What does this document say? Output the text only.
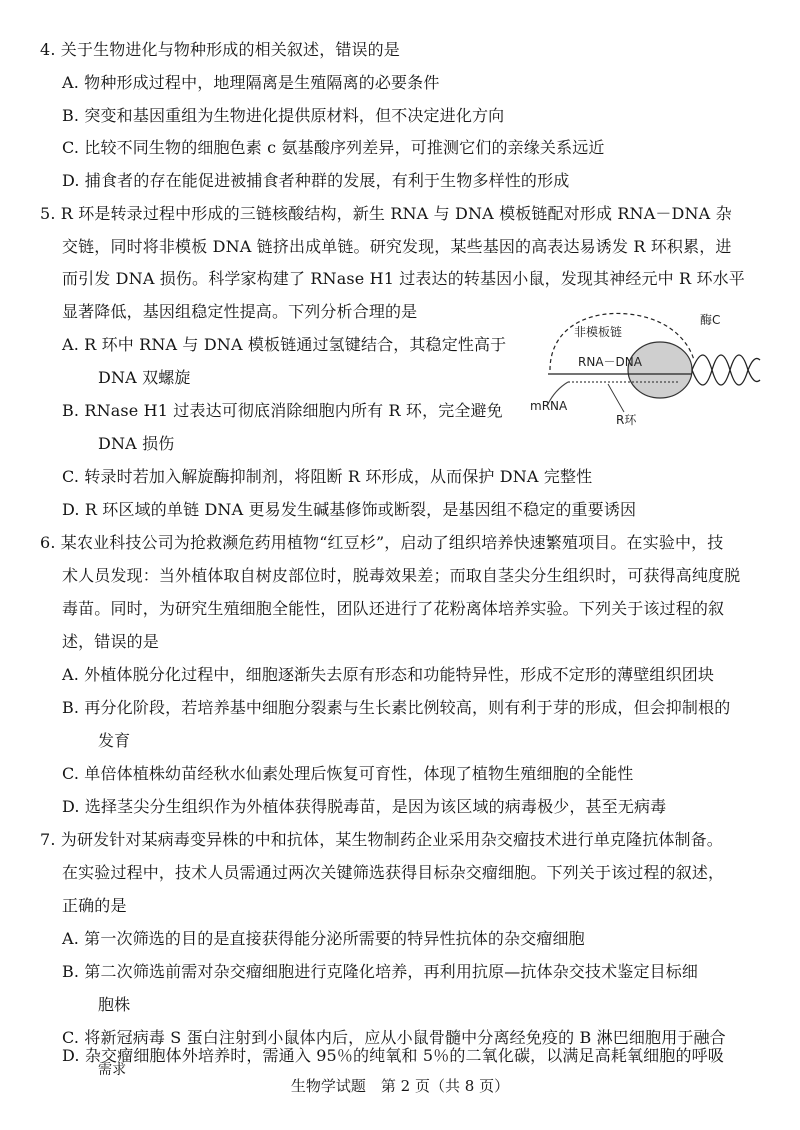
4. 关于生物进化与物种形成的相关叙述，错误的是
A. 物种形成过程中，地理隔离是生殖隔离的必要条件
B. 突变和基因重组为生物进化提供原材料，但不决定进化方向
C. 比较不同生物的细胞色素 c 氨基酸序列差异，可推测它们的亲缘关系远近
D. 捕食者的存在能促进被捕食者种群的发展，有利于生物多样性的形成
5. R 环是转录过程中形成的三链核酸结构，新生 RNA 与 DNA 模板链配对形成 RNA－DNA 杂
交链，同时将非模板 DNA 链挤出成单链。研究发现，某些基因的高表达易诱发 R 环积累，进
而引发 DNA 损伤。科学家构建了 RNase H1 过表达的转基因小鼠，发现其神经元中 R 环水平
显著降低，基因组稳定性提高。下列分析合理的是
A. R 环中 RNA 与 DNA 模板链通过氢键结合，其稳定性高于
DNA 双螺旋
B. RNase H1 过表达可彻底消除细胞内所有 R 环，完全避免
DNA 损伤
C. 转录时若加入解旋酶抑制剂，将阻断 R 环形成，从而保护 DNA 完整性
D. R 环区域的单链 DNA 更易发生碱基修饰或断裂，是基因组不稳定的重要诱因
非模板链
酶C
RNA－DNA
mRNA
R环
6. 某农业科技公司为抢救濒危药用植物“红豆杉”，启动了组织培养快速繁殖项目。在实验中，技
术人员发现：当外植体取自树皮部位时，脱毒效果差；而取自茎尖分生组织时，可获得高纯度脱
毒苗。同时，为研究生殖细胞全能性，团队还进行了花粉离体培养实验。下列关于该过程的叙
述，错误的是
A. 外植体脱分化过程中，细胞逐渐失去原有形态和功能特异性，形成不定形的薄壁组织团块
B. 再分化阶段，若培养基中细胞分裂素与生长素比例较高，则有利于芽的形成，但会抑制根的
发育
C. 单倍体植株幼苗经秋水仙素处理后恢复可育性，体现了植物生殖细胞的全能性
D. 选择茎尖分生组织作为外植体获得脱毒苗，是因为该区域的病毒极少，甚至无病毒
7. 为研发针对某病毒变异株的中和抗体，某生物制药企业采用杂交瘤技术进行单克隆抗体制备。
在实验过程中，技术人员需通过两次关键筛选获得目标杂交瘤细胞。下列关于该过程的叙述，
正确的是
A. 第一次筛选的目的是直接获得能分泌所需要的特异性抗体的杂交瘤细胞
B. 第二次筛选前需对杂交瘤细胞进行克隆化培养，再利用抗原—抗体杂交技术鉴定目标细
胞株
C. 将新冠病毒 S 蛋白注射到小鼠体内后，应从小鼠骨髓中分离经免疫的 B 淋巴细胞用于融合
生物学试题　第 2 页（共 8 页）
D. 杂交瘤细胞体外培养时，需通入 95％的纯氧和 5％的二氧化碳，以满足高耗氧细胞的呼吸
需求
